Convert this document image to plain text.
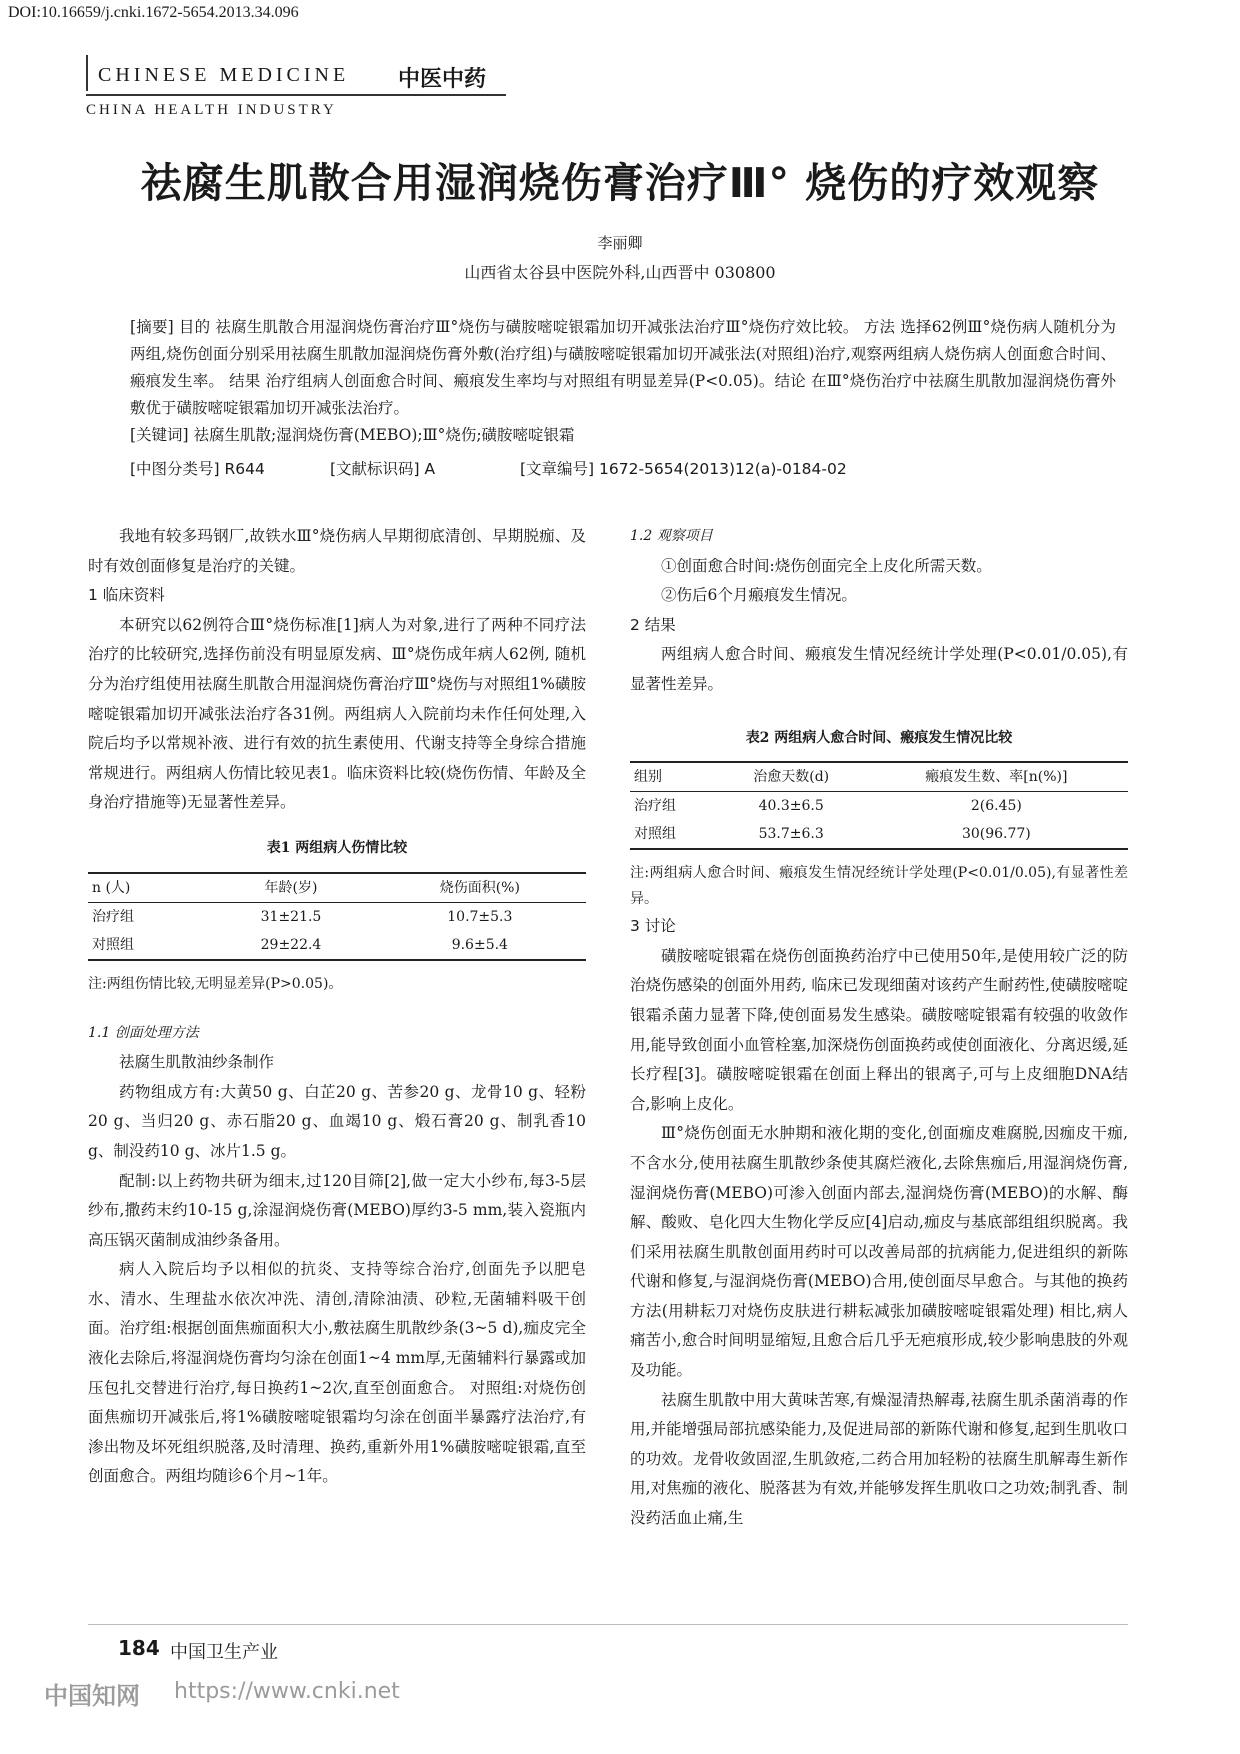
DOI:10.16659/j.cnki.1672-5654.2013.34.096
CHINESE MEDICINE 中医中药
CHINA HEALTH INDUSTRY
祛腐生肌散合用湿润烧伤膏治疗Ⅲ° 烧伤的疗效观察
李丽卿
山西省太谷县中医院外科,山西晋中 030800

[摘要] 目的 祛腐生肌散合用湿润烧伤膏治疗Ⅲ°烧伤与磺胺嘧啶银霜加切开减张法治疗Ⅲ°烧伤疗效比较。 方法 选择62例Ⅲ°烧伤病人随机分为两组,烧伤创面分别采用祛腐生肌散加湿润烧伤膏外敷(治疗组)与磺胺嘧啶银霜加切开减张法(对照组)治疗,观察两组病人烧伤病人创面愈合时间、瘢痕发生率。 结果 治疗组病人创面愈合时间、瘢痕发生率均与对照组有明显差异(P<0.05)。结论 在Ⅲ°烧伤治疗中祛腐生肌散加湿润烧伤膏外敷优于磺胺嘧啶银霜加切开减张法治疗。

[关键词] 祛腐生肌散;湿润烧伤膏(MEBO);Ⅲ°烧伤;磺胺嘧啶银霜

[中图分类号] R644	[文献标识码] A	[文章编号] 1672-5654(2013)12(a)-0184-02

我地有较多玛钢厂,故铁水Ⅲ°烧伤病人早期彻底清创、早期脱痂、及时有效创面修复是治疗的关键。

1 临床资料

本研究以62例符合Ⅲ°烧伤标准[1]病人为对象,进行了两种不同疗法治疗的比较研究,选择伤前没有明显原发病、Ⅲ°烧伤成年病人62例, 随机分为治疗组使用祛腐生肌散合用湿润烧伤膏治疗Ⅲ°烧伤与对照组1%磺胺嘧啶银霜加切开减张法治疗各31例。两组病人入院前均未作任何处理,入院后均予以常规补液、进行有效的抗生素使用、代谢支持等全身综合措施常规进行。两组病人伤情比较见表1。临床资料比较(烧伤伤情、年龄及全身治疗措施等)无显著性差异。

表1 两组病人伤情比较
n (人)	年龄(岁)	烧伤面积(%)
治疗组	31±21.5	10.7±5.3
对照组	29±22.4	9.6±5.4
注:两组伤情比较,无明显差异(P>0.05)。

1.1 创面处理方法

祛腐生肌散油纱条制作

药物组成方有:大黄50 g、白芷20 g、苦参20 g、龙骨10 g、轻粉20 g、当归20 g、赤石脂20 g、血竭10 g、煅石膏20 g、制乳香10 g、制没药10 g、冰片1.5 g。

配制:以上药物共研为细末,过120目筛[2],做一定大小纱布,每3-5层纱布,撒药末约10-15 g,涂湿润烧伤膏(MEBO)厚约3-5 mm,装入瓷瓶内高压锅灭菌制成油纱条备用。

病人入院后均予以相似的抗炎、支持等综合治疗,创面先予以肥皂水、清水、生理盐水依次冲洗、清创,清除油渍、砂粒,无菌辅料吸干创面。治疗组:根据创面焦痂面积大小,敷祛腐生肌散纱条(3~5 d),痂皮完全液化去除后,将湿润烧伤膏均匀涂在创面1~4 mm厚,无菌辅料行暴露或加压包扎交替进行治疗,每日换药1~2次,直至创面愈合。 对照组:对烧伤创面焦痂切开减张后,将1%磺胺嘧啶银霜均匀涂在创面半暴露疗法治疗,有渗出物及坏死组织脱落,及时清理、换药,重新外用1%磺胺嘧啶银霜,直至创面愈合。两组均随诊6个月~1年。

1.2 观察项目

①创面愈合时间:烧伤创面完全上皮化所需天数。

②伤后6个月瘢痕发生情况。

2 结果

两组病人愈合时间、瘢痕发生情况经统计学处理(P<0.01/0.05),有显著性差异。

表2 两组病人愈合时间、瘢痕发生情况比较
组别	治愈天数(d)	瘢痕发生数、率[n(%)]
治疗组	40.3±6.5	2(6.45)
对照组	53.7±6.3	30(96.77)
注:两组病人愈合时间、瘢痕发生情况经统计学处理(P<0.01/0.05),有显著性差异。

3 讨论

磺胺嘧啶银霜在烧伤创面换药治疗中已使用50年,是使用较广泛的防治烧伤感染的创面外用药, 临床已发现细菌对该药产生耐药性,使磺胺嘧啶银霜杀菌力显著下降,使创面易发生感染。磺胺嘧啶银霜有较强的收敛作用,能导致创面小血管栓塞,加深烧伤创面换药或使创面液化、分离迟缓,延长疗程[3]。磺胺嘧啶银霜在创面上释出的银离子,可与上皮细胞DNA结合,影响上皮化。

Ⅲ°烧伤创面无水肿期和液化期的变化,创面痂皮难腐脱,因痂皮干痂,不含水分,使用祛腐生肌散纱条使其腐烂液化,去除焦痂后,用湿润烧伤膏,湿润烧伤膏(MEBO)可渗入创面内部去,湿润烧伤膏(MEBO)的水解、酶解、酸败、皂化四大生物化学反应[4]启动,痂皮与基底部组组织脱离。我们采用祛腐生肌散创面用药时可以改善局部的抗病能力,促进组织的新陈代谢和修复,与湿润烧伤膏(MEBO)合用,使创面尽早愈合。与其他的换药方法(用耕耘刀对烧伤皮肤进行耕耘减张加磺胺嘧啶银霜处理) 相比,病人痛苦小,愈合时间明显缩短,且愈合后几乎无疤痕形成,较少影响患肢的外观及功能。

祛腐生肌散中用大黄味苦寒,有燥湿清热解毒,祛腐生肌杀菌消毒的作用,并能增强局部抗感染能力,及促进局部的新陈代谢和修复,起到生肌收口的功效。龙骨收敛固涩,生肌敛疮,二药合用加轻粉的祛腐生肌解毒生新作用,对焦痂的液化、脱落甚为有效,并能够发挥生肌收口之功效;制乳香、制没药活血止痛,生

184 中国卫生产业
中国知网 https://www.cnki.net
